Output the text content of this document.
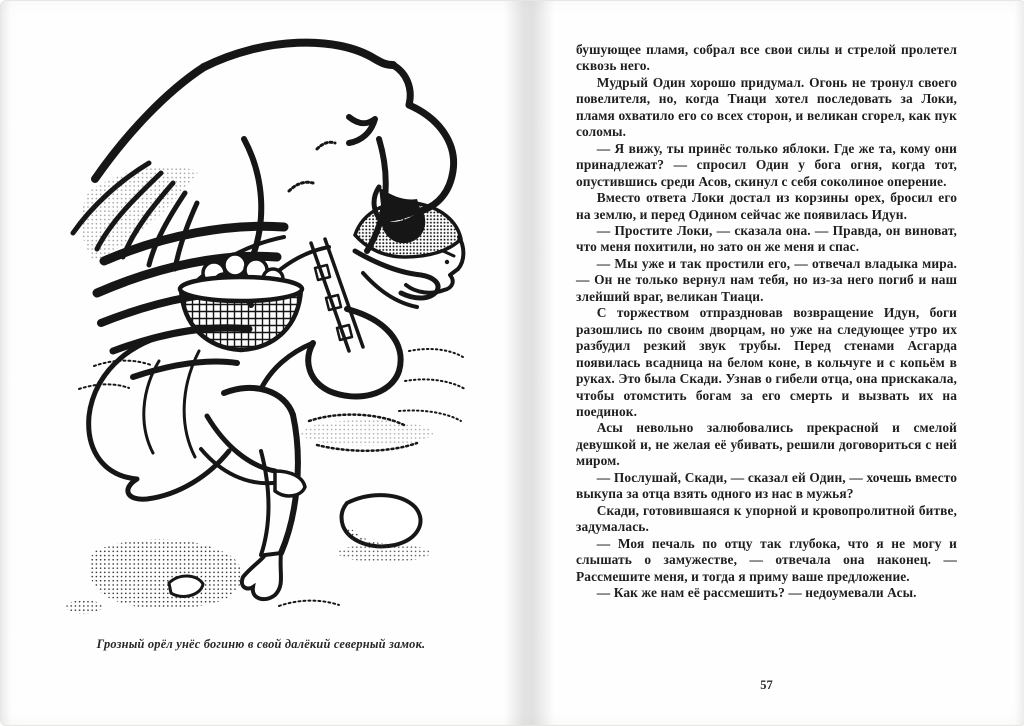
Грозный орёл унёс богиню в свой далёкий северный замок.

бушующее пламя, собрал все свои силы и стрелой пролетел сквозь него.

Мудрый Один хорошо придумал. Огонь не тронул своего повелителя, но, когда Тиаци хотел последовать за Локи, пламя охватило его со всех сторон, и великан сгорел, как пук соломы.

— Я вижу, ты принёс только яблоки. Где же та, кому они принадлежат? — спросил Один у бога огня, когда тот, опустившись среди Асов, скинул с себя соколиное оперение.

Вместо ответа Локи достал из корзины орех, бросил его на землю, и перед Одином сейчас же появилась Идун.

— Простите Локи, — сказала она. — Правда, он виноват, что меня похитили, но зато он же меня и спас.

— Мы уже и так простили его, — отвечал владыка мира. — Он не только вернул нам тебя, но из-за него погиб и наш злейший враг, великан Тиаци.

С торжеством отпраздновав возвращение Идун, боги разошлись по своим дворцам, но уже на следующее утро их разбудил резкий звук трубы. Перед стенами Асгарда появилась всадница на белом коне, в кольчуге и с копьём в руках. Это была Скади. Узнав о гибели отца, она прискакала, чтобы отомстить богам за его смерть и вызвать их на поединок.

Асы невольно залюбовались прекрасной и смелой девушкой и, не желая её убивать, решили договориться с ней миром.

— Послушай, Скади, — сказал ей Один, — хочешь вместо выкупа за отца взять одного из нас в мужья?

Скади, готовившаяся к упорной и кровопролитной битве, задумалась.

— Моя печаль по отцу так глубока, что я не могу и слышать о замужестве, — отвечала она наконец. — Рассмешите меня, и тогда я приму ваше предложение.

— Как же нам её рассмешить? — недоумевали Асы.

57
